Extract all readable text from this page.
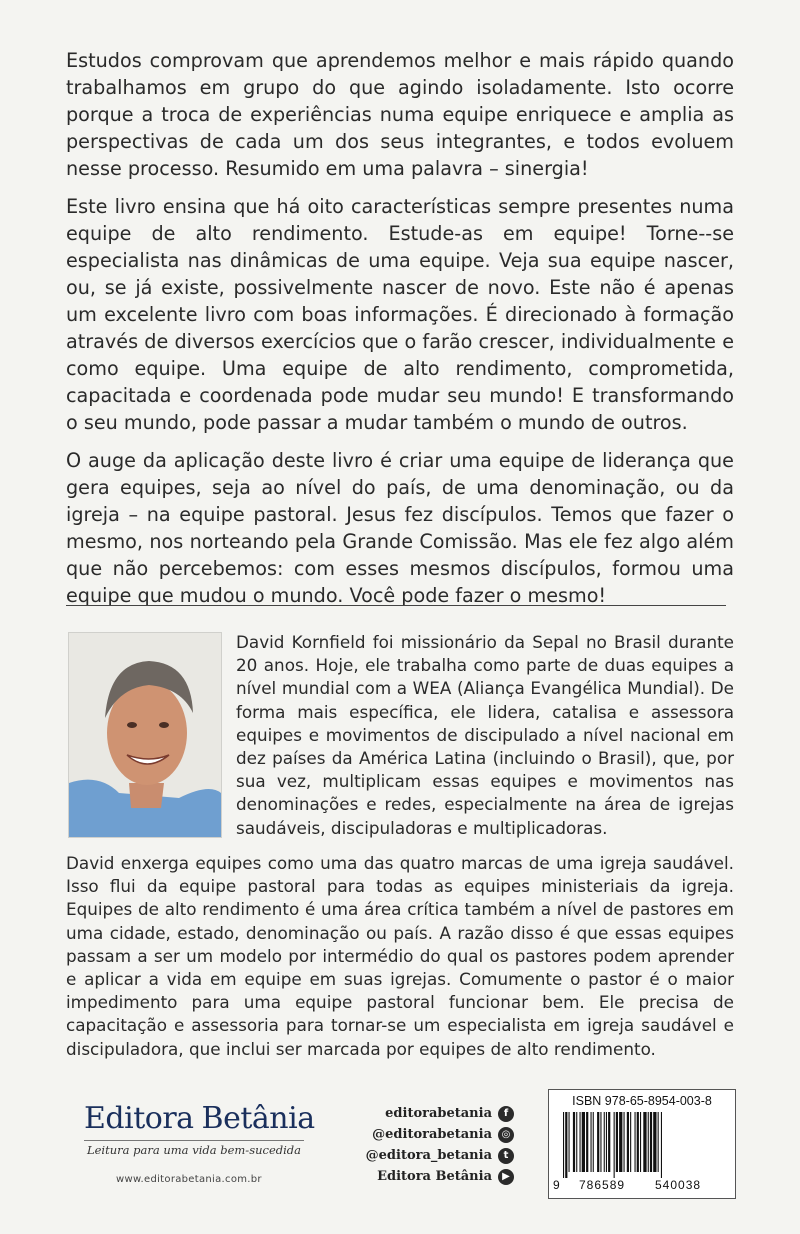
Estudos comprovam que aprendemos melhor e mais rápido quando trabalhamos em grupo do que agindo isoladamente. Isto ocorre porque a troca de experiências numa equipe enriquece e amplia as perspectivas de cada um dos seus integrantes, e todos evoluem nesse processo. Resumido em uma palavra – sinergia!

Este livro ensina que há oito características sempre presentes numa equipe de alto rendimento. Estude-as em equipe! Torne--se especialista nas dinâmicas de uma equipe. Veja sua equipe nascer, ou, se já existe, possivelmente nascer de novo. Este não é apenas um excelente livro com boas informações. É direcionado à formação através de diversos exercícios que o farão crescer, individualmente e como equipe. Uma equipe de alto rendimento, comprometida, capacitada e coordenada pode mudar seu mundo! E transformando o seu mundo, pode passar a mudar também o mundo de outros.

O auge da aplicação deste livro é criar uma equipe de liderança que gera equipes, seja ao nível do país, de uma denominação, ou da igreja – na equipe pastoral. Jesus fez discípulos. Temos que fazer o mesmo, nos norteando pela Grande Comissão. Mas ele fez algo além que não percebemos: com esses mesmos discípulos, formou uma equipe que mudou o mundo. Você pode fazer o mesmo!

David Kornfield foi missionário da Sepal no Brasil durante 20 anos. Hoje, ele trabalha como parte de duas equipes a nível mundial com a WEA (Aliança Evangélica Mundial). De forma mais específica, ele lidera, catalisa e assessora equipes e movimentos de discipulado a nível nacional em dez países da América Latina (incluindo o Brasil), que, por sua vez, multiplicam essas equipes e movimentos nas denominações e redes, especialmente na área de igrejas saudáveis, discipuladoras e multiplicadoras.

David enxerga equipes como uma das quatro marcas de uma igreja saudável. Isso flui da equipe pastoral para todas as equipes ministeriais da igreja. Equipes de alto rendimento é uma área crítica também a nível de pastores em uma cidade, estado, denominação ou país. A razão disso é que essas equipes passam a ser um modelo por intermédio do qual os pastores podem aprender e aplicar a vida em equipe em suas igrejas. Comumente o pastor é o maior impedimento para uma equipe pastoral funcionar bem. Ele precisa de capacitação e assessoria para tornar-se um especialista em igreja saudável e discipuladora, que inclui ser marcada por equipes de alto rendimento.

Editora Betânia
Leitura para uma vida bem-sucedida
www.editorabetania.com.br
editorabetania	f
@editorabetania ◎
@editora_betania	t
Editora Betânia	▶
ISBN 978-65-8954-003-8
9 786589 540038
